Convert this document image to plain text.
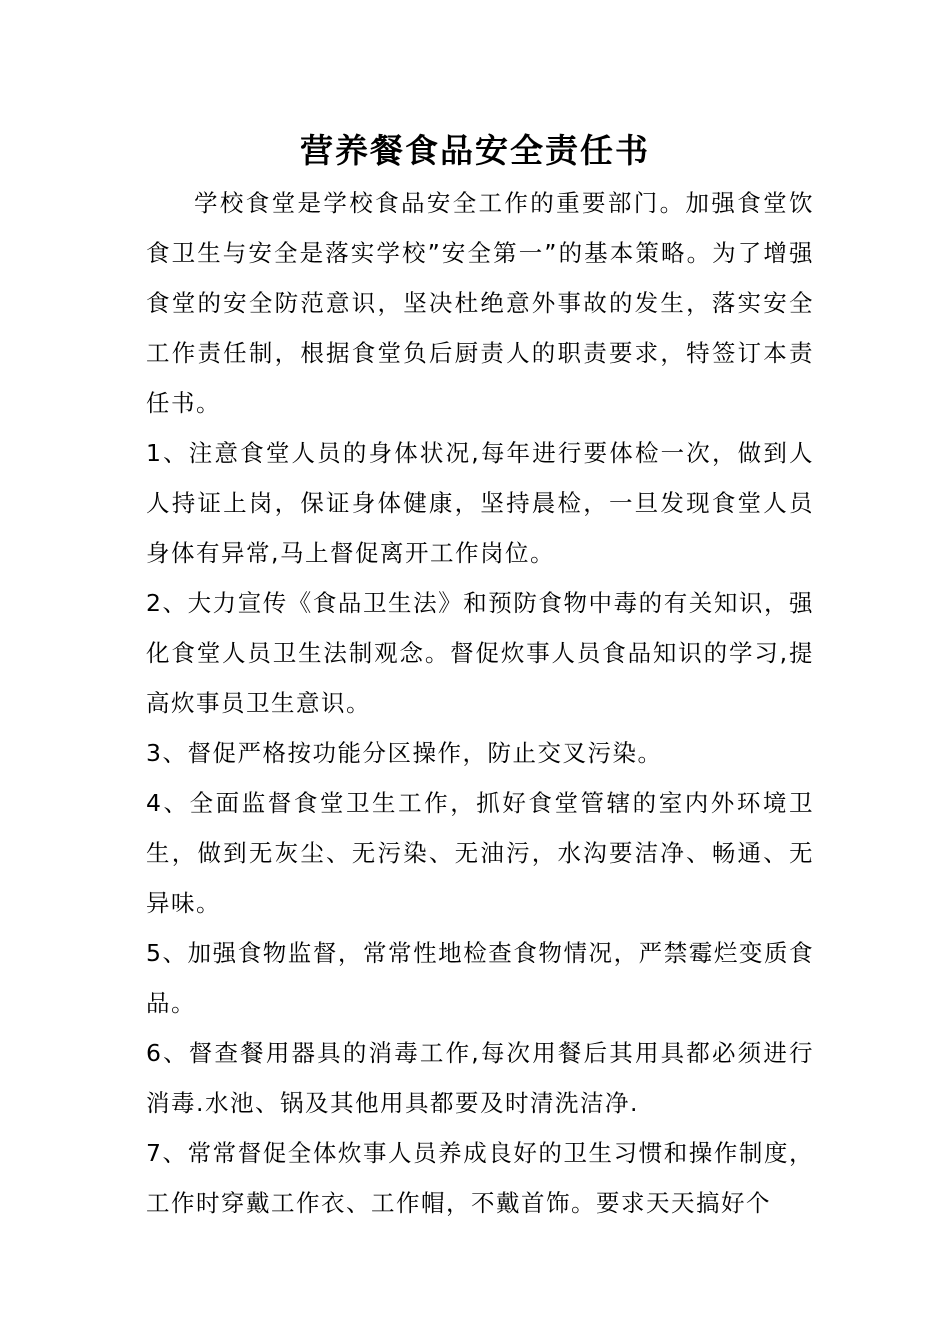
营养餐食品安全责任书

学校食堂是学校食品安全工作的重要部门。加强食堂饮食卫生与安全是落实学校”安全第一”的基本策略。为了增强食堂的安全防范意识，坚决杜绝意外事故的发生，落实安全工作责任制，根据食堂负后厨责人的职责要求，特签订本责任书。

1、注意食堂人员的身体状况,每年进行要体检一次，做到人人持证上岗，保证身体健康，坚持晨检，一旦发现食堂人员身体有异常,马上督促离开工作岗位。

2、大力宣传《食品卫生法》和预防食物中毒的有关知识，强化食堂人员卫生法制观念。督促炊事人员食品知识的学习,提高炊事员卫生意识。

3、督促严格按功能分区操作，防止交叉污染。

4、全面监督食堂卫生工作，抓好食堂管辖的室内外环境卫生，做到无灰尘、无污染、无油污，水沟要洁净、畅通、无异味。

5、加强食物监督，常常性地检查食物情况，严禁霉烂变质食品。

6、督查餐用器具的消毒工作,每次用餐后其用具都必须进行消毒.水池、锅及其他用具都要及时清洗洁净.

7、常常督促全体炊事人员养成良好的卫生习惯和操作制度，工作时穿戴工作衣、工作帽，不戴首饰。要求天天搞好个
